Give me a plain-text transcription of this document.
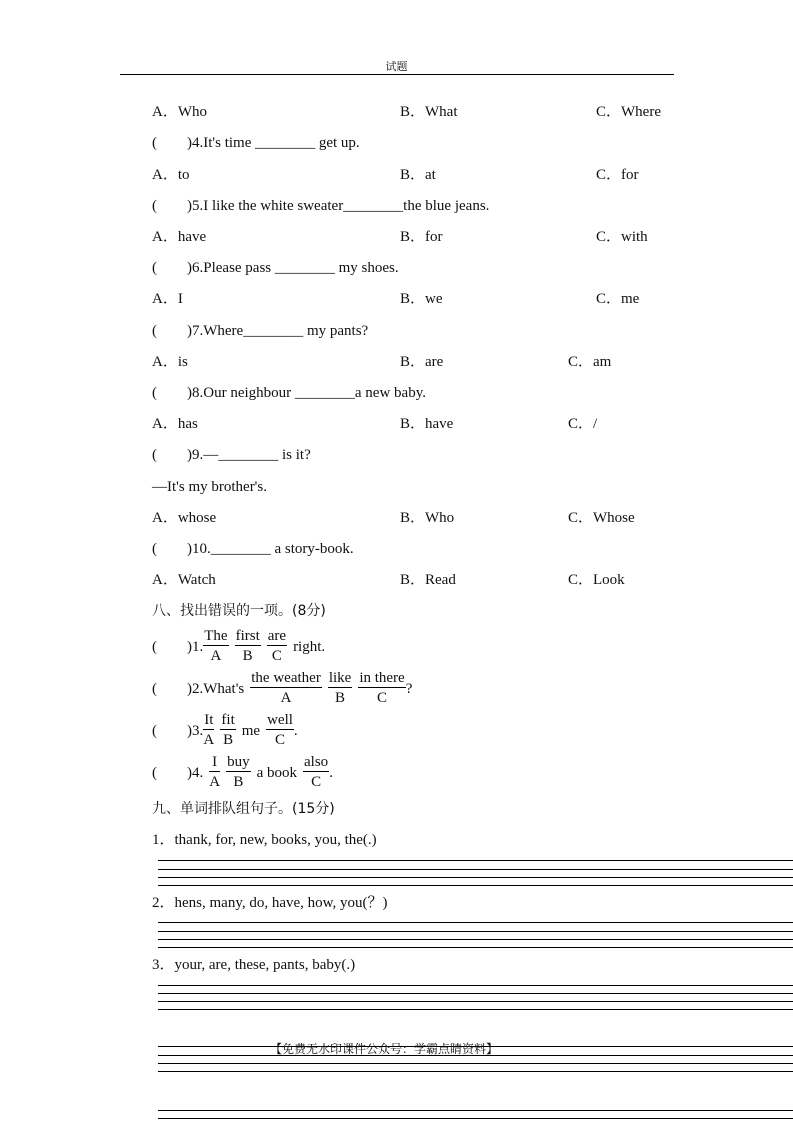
试题
A．Who	B．What	C．Where
(　　)4.It's time ________ get up.
A．to	B．at	C．for
(　　)5.I like the white sweater________the blue jeans.
A．have	B．for	C．with
(　　)6.Please pass ________ my shoes.
A．I	B．we	C．me
(　　)7.Where________ my pants?
A．is	B．are	C．am
(　　)8.Our neighbour ________a new baby.
A．has	B．have	C．/
(　　)9.—________ is it?
—It's my brother's.
A．whose	B．Who	C．Whose
(　　)10.________ a story-book.
A．Watch	B．Read	C．Look
八、找出错误的一项。(8分)
(　　)1.
The
A
first
B
are
C
right.
(　　)2.What's
the weather
A
like
B
in there
C
?
(　　)3.
It
A
fit
B
me
well
C
.
(　　)4.
I
A
buy
B
a book
also
C
.
九、单词排队组句子。(15分)
1．thank, for, new, books, you, the(.)
2．hens, many, do, have, how, you(？)
3．your, are, these, pants, baby(.)
【免费无水印课件公众号：学霸点睛资料】
